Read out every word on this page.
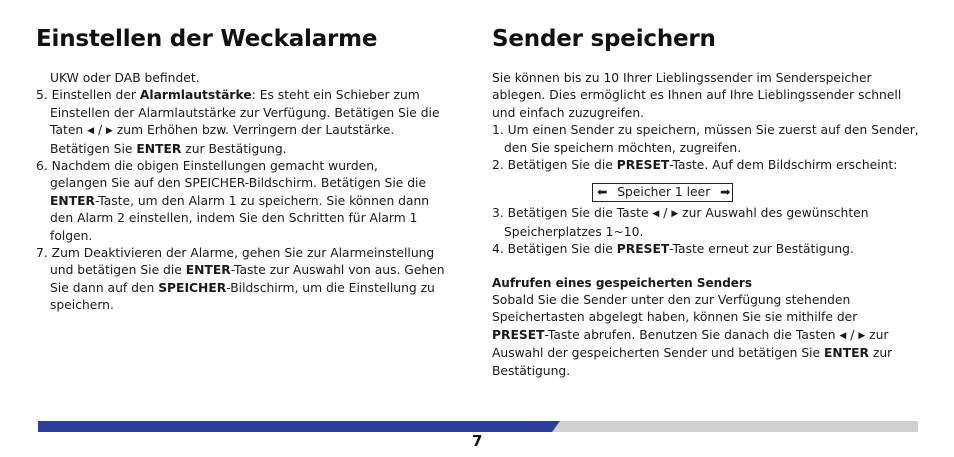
Einstellen der Weckalarme

UKW oder DAB befindet.

5. Einstellen der Alarmlautstärke: Es steht ein Schieber zum

Einstellen der Alarmlautstärke zur Verfügung. Betätigen Sie die

Taten ◀ / ▶ zum Erhöhen bzw. Verringern der Lautstärke.

Betätigen Sie ENTER zur Bestätigung.

6. Nachdem die obigen Einstellungen gemacht wurden,

gelangen Sie auf den SPEICHER-Bildschirm. Betätigen Sie die

ENTER-Taste, um den Alarm 1 zu speichern. Sie können dann

den Alarm 2 einstellen, indem Sie den Schritten für Alarm 1

folgen.

7. Zum Deaktivieren der Alarme, gehen Sie zur Alarmeinstellung

und betätigen Sie die ENTER-Taste zur Auswahl von aus. Gehen

Sie dann auf den SPEICHER-Bildschirm, um die Einstellung zu

speichern.

Sender speichern

Sie können bis zu 10 Ihrer Lieblingssender im Senderspeicher

ablegen. Dies ermöglicht es Ihnen auf Ihre Lieblingssender schnell

und einfach zuzugreifen.

1. Um einen Sender zu speichern, müssen Sie zuerst auf den Sender,

den Sie speichern möchten, zugreifen.

2. Betätigen Sie die PRESET-Taste. Auf dem Bildschirm erscheint:

⬅ Speicher 1 leer ➡

3. Betätigen Sie die Taste ◀ / ▶ zur Auswahl des gewünschten

Speicherplatzes 1~10.

4. Betätigen Sie die PRESET-Taste erneut zur Bestätigung.

Aufrufen eines gespeicherten Senders

Sobald Sie die Sender unter den zur Verfügung stehenden

Speichertasten abgelegt haben, können Sie sie mithilfe der

PRESET-Taste abrufen. Benutzen Sie danach die Tasten ◀ / ▶ zur

Auswahl der gespeicherten Sender und betätigen Sie ENTER zur

Bestätigung.

7
